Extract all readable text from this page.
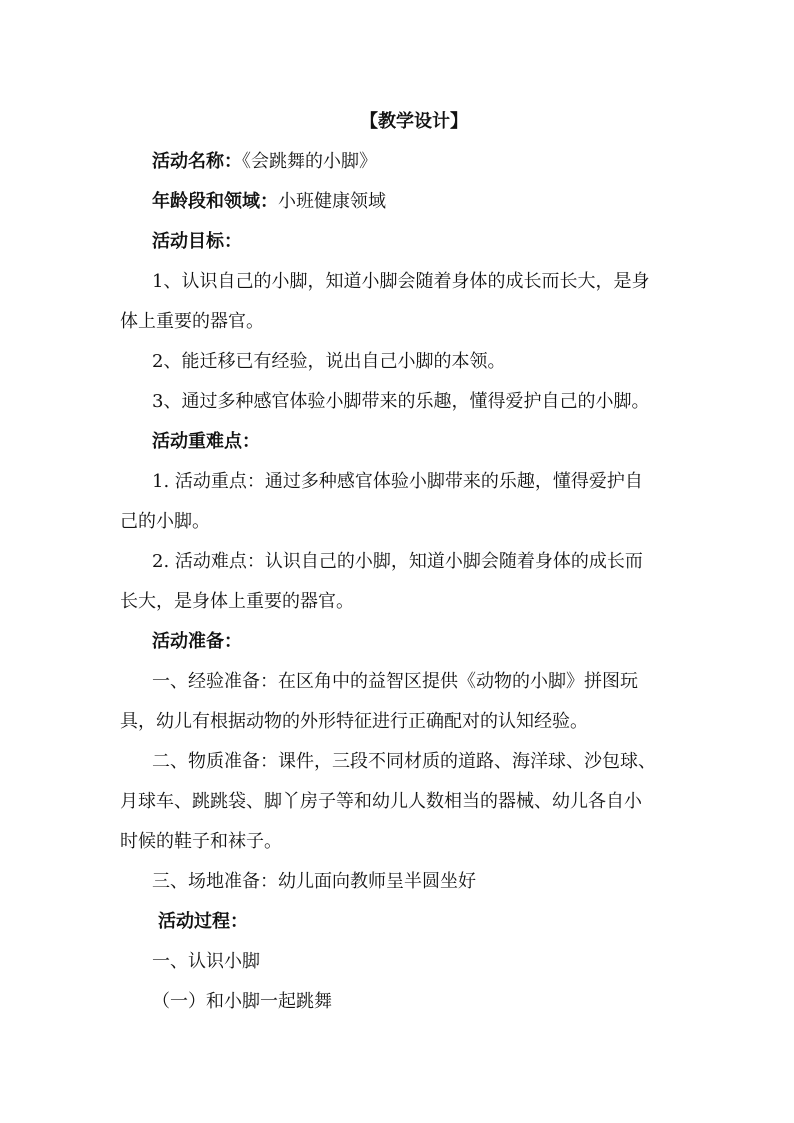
【教学设计】
活动名称：《会跳舞的小脚》
年龄段和领域：小班健康领域
活动目标：
1、认识自己的小脚，知道小脚会随着身体的成长而长大，是身
体上重要的器官。
2、能迁移已有经验，说出自己小脚的本领。
3、通过多种感官体验小脚带来的乐趣，懂得爱护自己的小脚。
活动重难点：
1. 活动重点：通过多种感官体验小脚带来的乐趣，懂得爱护自
己的小脚。
2. 活动难点：认识自己的小脚，知道小脚会随着身体的成长而
长大，是身体上重要的器官。
活动准备：
一、经验准备：在区角中的益智区提供《动物的小脚》拼图玩
具，幼儿有根据动物的外形特征进行正确配对的认知经验。
二、物质准备：课件，三段不同材质的道路、海洋球、沙包球、
月球车、跳跳袋、脚丫房子等和幼儿人数相当的器械、幼儿各自小
时候的鞋子和袜子。
三、场地准备：幼儿面向教师呈半圆坐好
活动过程：
一、认识小脚
（一）和小脚一起跳舞
